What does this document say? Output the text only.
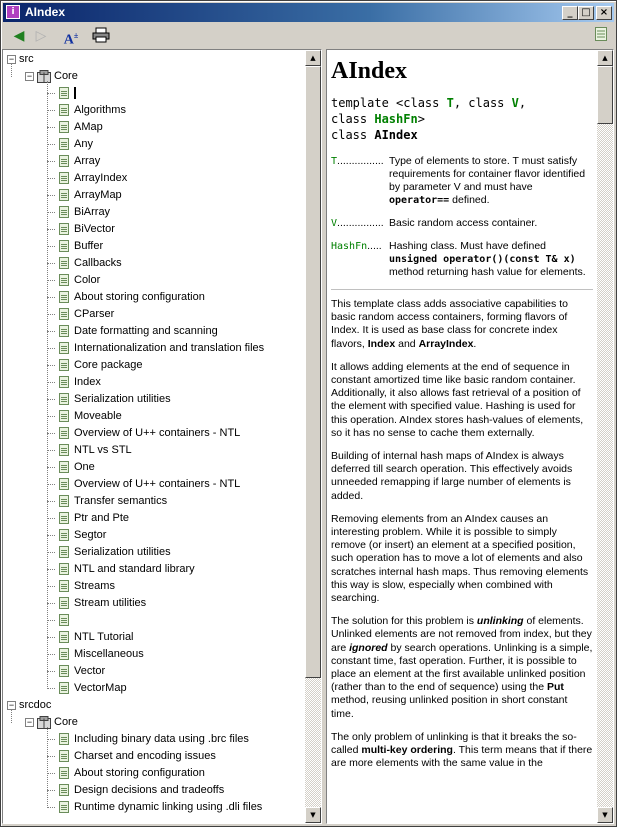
i AIndex	_ □ ×
◀ ▷	A±
− src
− Core
Algorithms
AMap
Any
Array
ArrayIndex
ArrayMap
BiArray
BiVector
Buffer
Callbacks
Color
About storing configuration
CParser
Date formatting and scanning
Internationalization and translation files
Core package
Index
Serialization utilities
Moveable
Overview of U++ containers - NTL
NTL vs STL
One
Overview of U++ containers - NTL
Transfer semantics
Ptr and Pte
Segtor
Serialization utilities
NTL and standard library
Streams
Stream utilities
NTL Tutorial
Miscellaneous
Vector
VectorMap
− srcdoc
− Core
Including binary data using .brc files
Charset and encoding issues
About storing configuration
Design decisions and tradeoffs
Runtime dynamic linking using .dli files
▲
▼
AIndex
template <class T, class V,
class HashFn>
class AIndex
T................ Type of elements to store. T must satisfy requirements for container flavor identified by parameter V and must have operator== defined.
V................ Basic random access container.
HashFn..... Hashing class. Must have defined unsigned operator()(const T& x) method returning hash value for elements.

This template class adds associative capabilities to basic random access containers, forming flavors of Index. It is used as base class for concrete index flavors, Index and ArrayIndex.

It allows adding elements at the end of sequence in constant amortized time like basic random container. Additionally, it also allows fast retrieval of a position of the element with specified value. Hashing is used for this operation. AIndex stores hash-values of elements, so it has no sense to cache them externally.

Building of internal hash maps of AIndex is always deferred till search operation. This effectively avoids unneeded remapping if large number of elements is added.

Removing elements from an AIndex causes an interesting problem. While it is possible to simply remove (or insert) an element at a specified position, such operation has to move a lot of elements and also scratches internal hash maps. Thus removing elements this way is slow, especially when combined with searching.

The solution for this problem is unlinking of elements. Unlinked elements are not removed from index, but they are ignored by search operations. Unlinking is a simple, constant time, fast operation. Further, it is possible to place an element at the first available unlinked position (rather than to the end of sequence) using the Put method, reusing unlinked position in short constant time.

The only problem of unlinking is that it breaks the so-called multi-key ordering. This term means that if there are more elements with the same value in the

▲
▼
